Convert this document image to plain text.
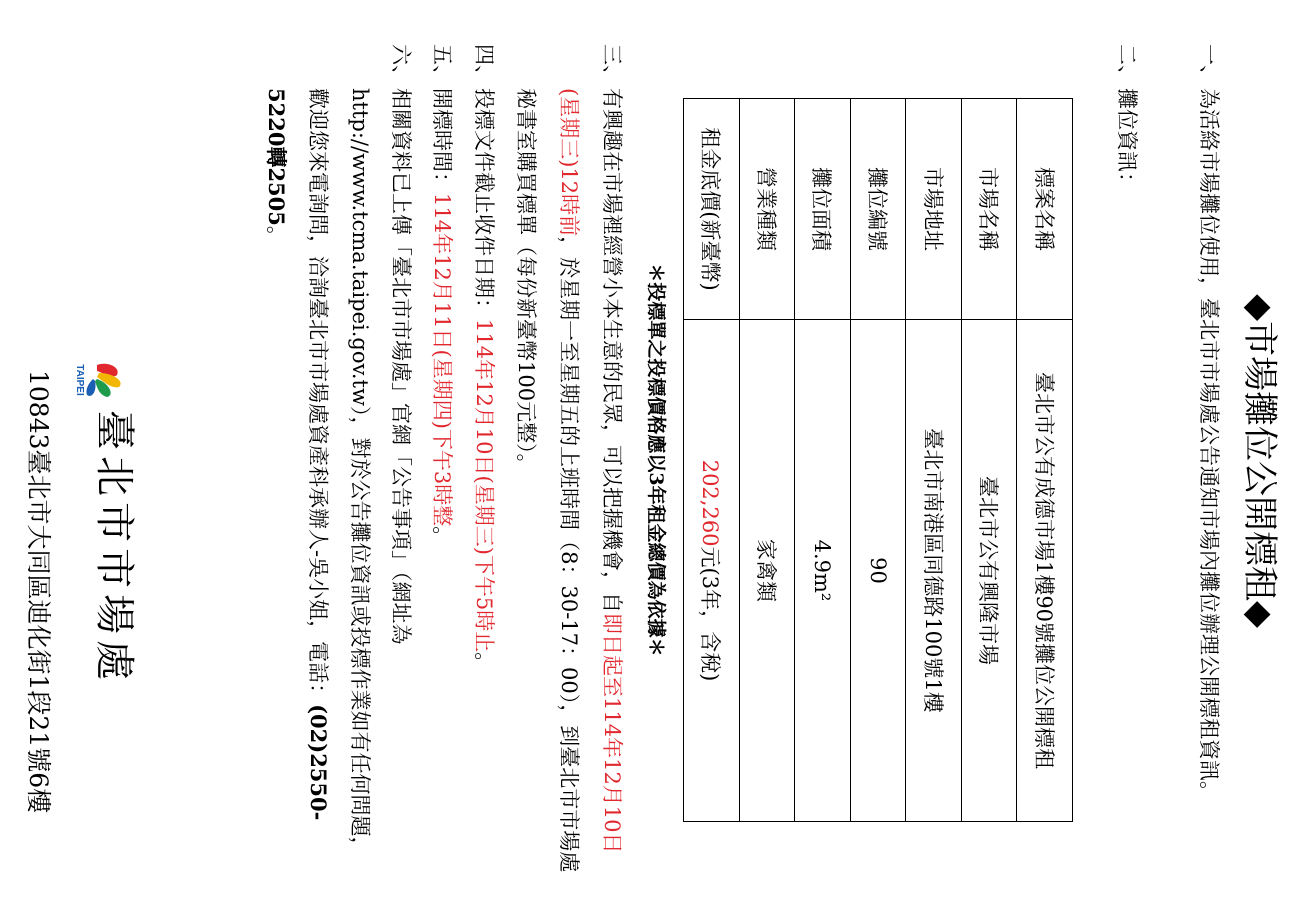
◆市場攤位公開標租◆
一、
為活絡市場攤位使用，臺北市市場處公告通知市場內攤位辦理公開標租資訊。
二、
攤位資訊：
標案名稱	臺北市公有成德市場1樓90號攤位公開標租
市場名稱	臺北市公有興隆市場
市場地址	臺北市南港區同德路100號1樓
攤位編號	90
攤位面積	4.9m²
營業種類	家禽類
租金底價(新臺幣)	202,260元(3年，含稅)
＊投標單之投標價格應以3年租金總價為依據＊
三、
有興趣在市場裡經營小本生意的民眾，可以把握機會，自即日起至114年12月10日(星期三)12時前，於星期一至星期五的上班時間（8：30-17：00），到臺北市市場處秘書室購買標單（每份新臺幣100元整）。
四、
投標文件截止收件日期：114年12月10日(星期三)下午5時止。
五、
開標時間：114年12月11日(星期四)下午3時整。
六、
相關資料已上傳「臺北市市場處」官網「公告事項」（網址為http://www.tcma.taipei.gov.tw），對於公告攤位資訊或投標作業如有任何問題，歡迎您來電詢問，洽詢臺北市市場處資產科承辦人-吳小姐，電話：(02)2550-5220轉2505。
TAIPEI
臺北市市場處
10843臺北市大同區迪化街1段21號6樓
